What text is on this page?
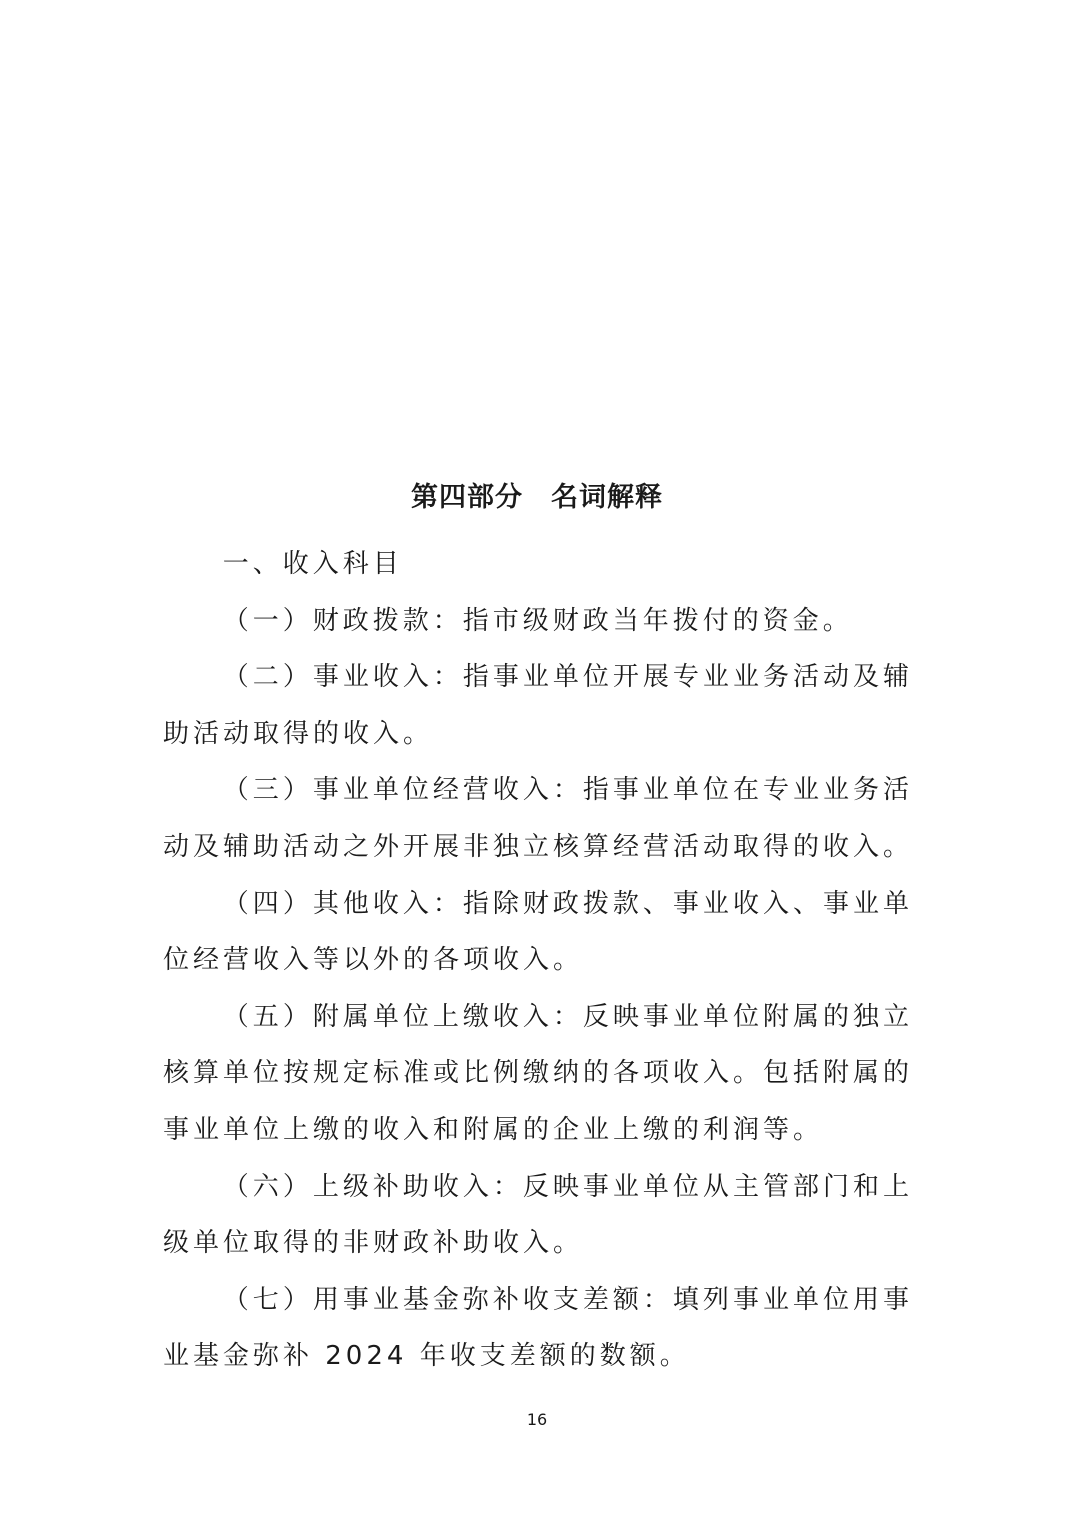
第四部分　名词解释

一、收入科目

（一）财政拨款：指市级财政当年拨付的资金。

（二）事业收入：指事业单位开展专业业务活动及辅助活动取得的收入。

（三）事业单位经营收入：指事业单位在专业业务活动及辅助活动之外开展非独立核算经营活动取得的收入。

（四）其他收入：指除财政拨款、事业收入、事业单位经营收入等以外的各项收入。

（五）附属单位上缴收入：反映事业单位附属的独立核算单位按规定标准或比例缴纳的各项收入。包括附属的事业单位上缴的收入和附属的企业上缴的利润等。

（六）上级补助收入：反映事业单位从主管部门和上级单位取得的非财政补助收入。

（七）用事业基金弥补收支差额：填列事业单位用事业基金弥补 2024 年收支差额的数额。

16
